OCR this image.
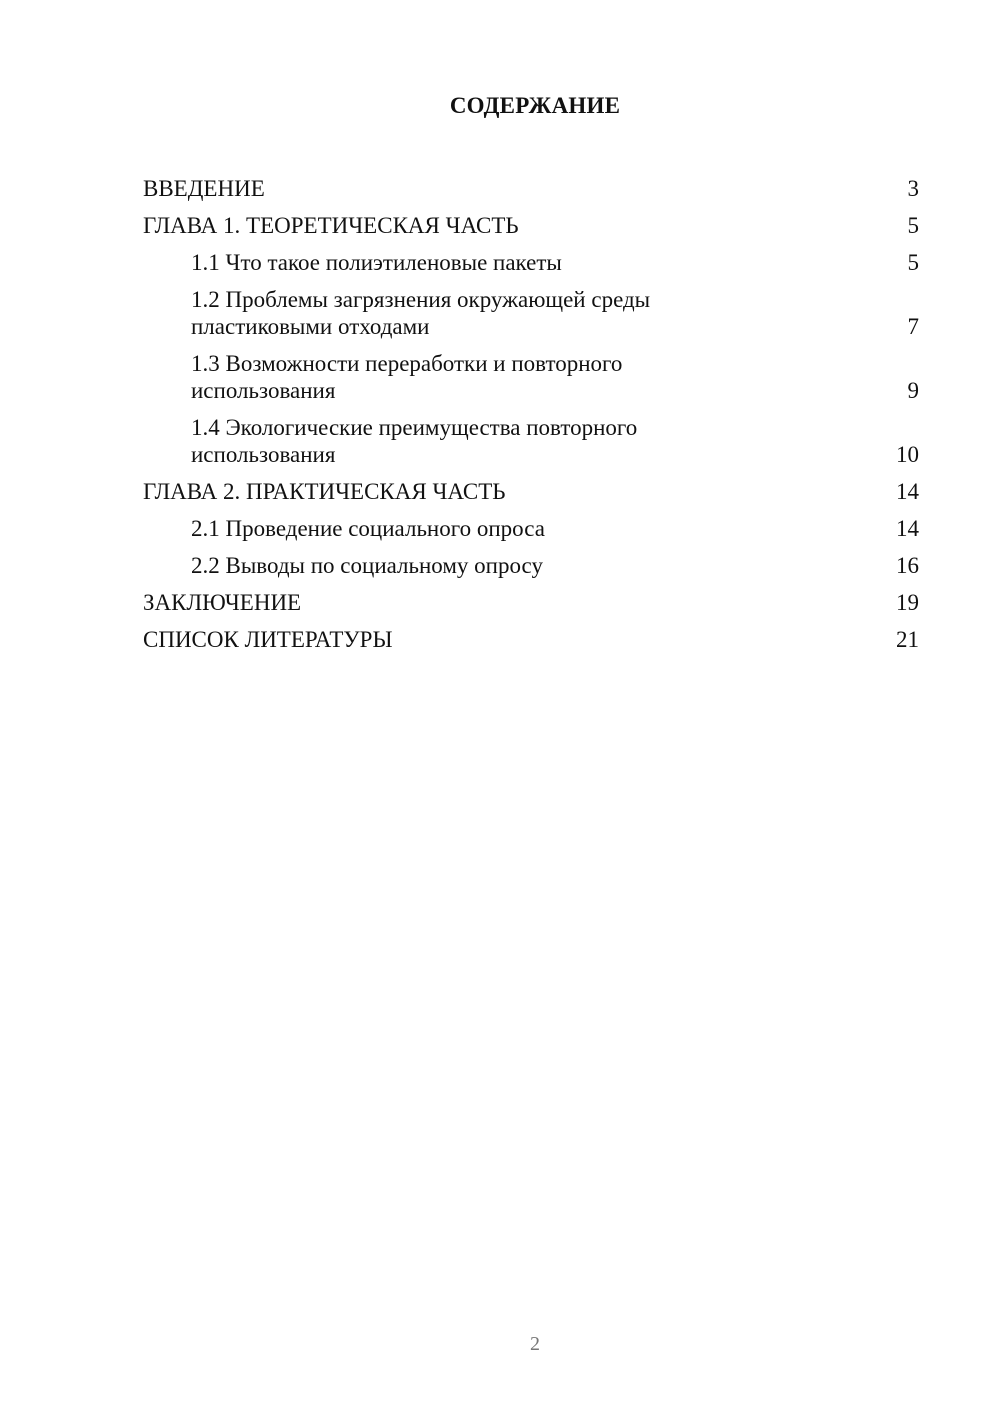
СОДЕРЖАНИЕ
ВВЕДЕНИЕ	3
ГЛАВА 1. ТЕОРЕТИЧЕСКАЯ ЧАСТЬ	5
1.1 Что такое полиэтиленовые пакеты	5
1.2 Проблемы загрязнения окружающей среды
пластиковыми отходами	7
1.3 Возможности переработки и повторного
использования	9
1.4 Экологические преимущества повторного
использования	10
ГЛАВА 2. ПРАКТИЧЕСКАЯ ЧАСТЬ	14
2.1 Проведение социального опроса	14
2.2 Выводы по социальному опросу	16
ЗАКЛЮЧЕНИЕ	19
СПИСОК ЛИТЕРАТУРЫ	21
2
